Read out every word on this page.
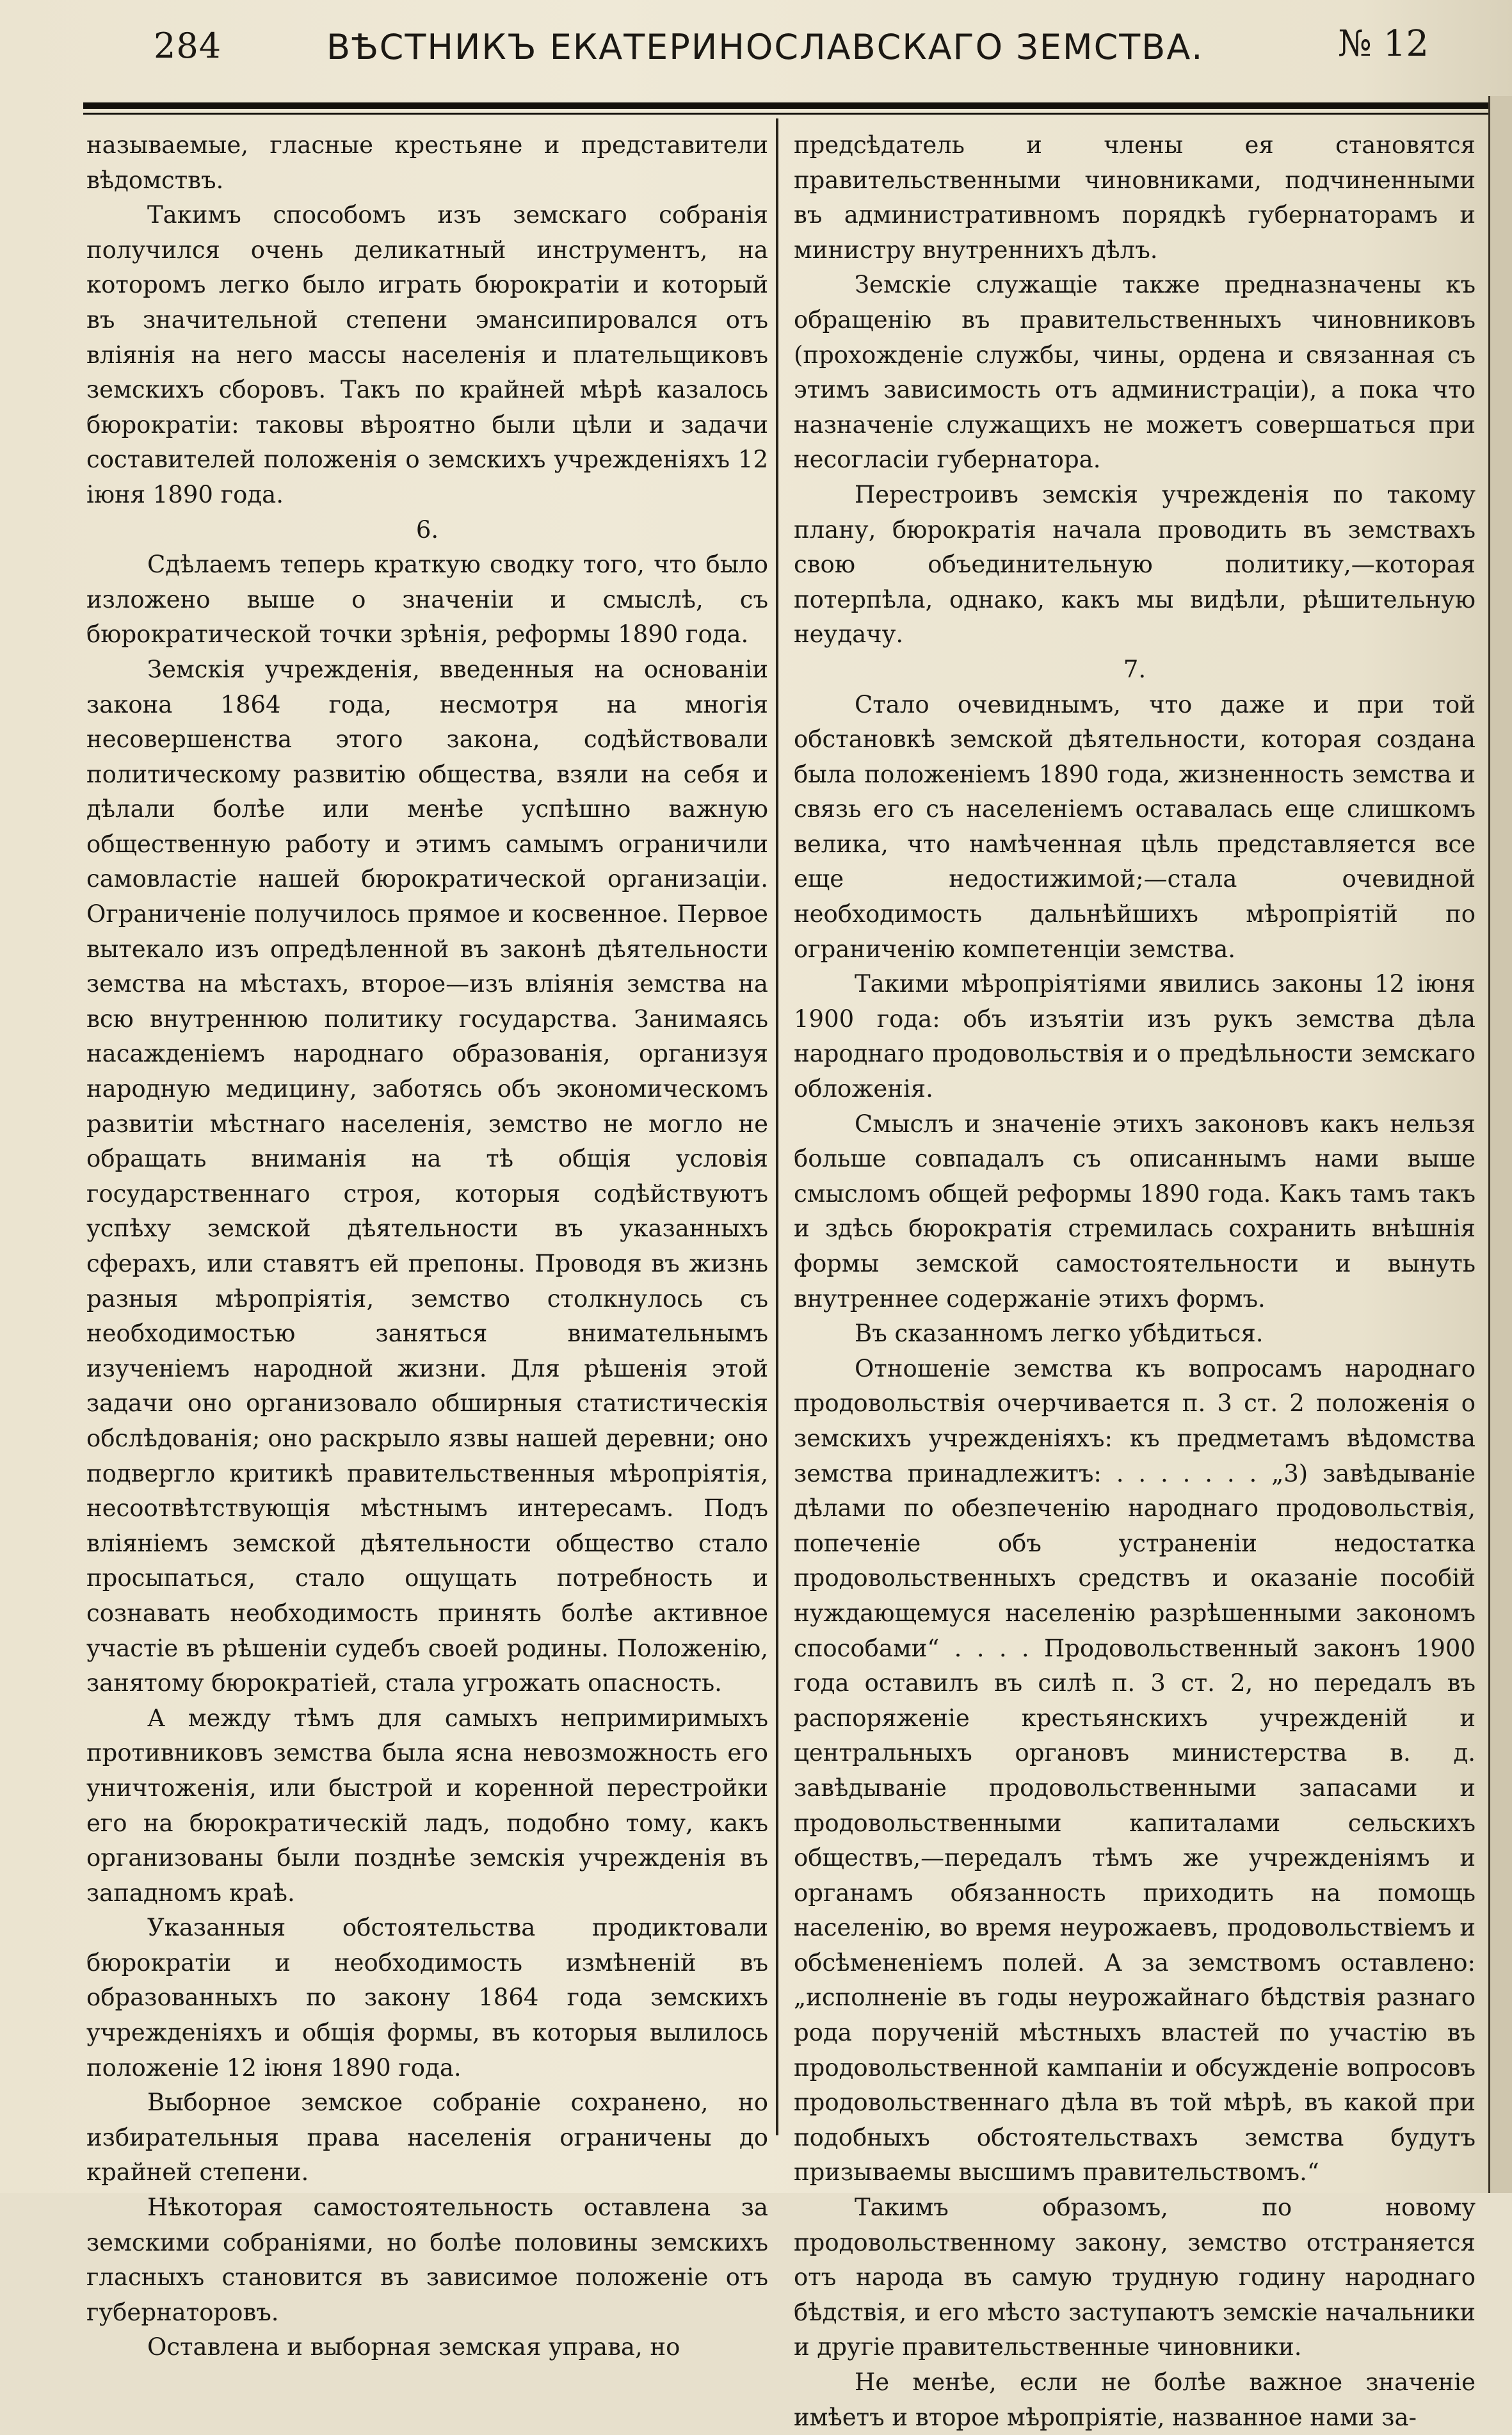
284	ВѢСТНИКЪ ЕКАТЕРИНОСЛАВСКАГО ЗЕМСТВА.	№ 12

называемые, гласные крестьяне и представители вѣдомствъ.

Такимъ способомъ изъ земскаго собранія получился очень деликатный инструментъ, на которомъ легко было играть бюрократіи и который въ значительной степени эмансипировался отъ вліянія на него массы населенія и плательщиковъ земскихъ сборовъ. Такъ по крайней мѣрѣ казалось бюрократіи: таковы вѣроятно были цѣли и задачи составителей положенія о земскихъ учрежденіяхъ 12 іюня 1890 года.

6.

Сдѣлаемъ теперь краткую сводку того, что было изложено выше о значеніи и смыслѣ, съ бюрократической точки зрѣнія, реформы 1890 года.

Земскія учрежденія, введенныя на основаніи закона 1864 года, несмотря на многія несовершенства этого закона, содѣйствовали политическому развитію общества, взяли на себя и дѣлали болѣе или менѣе успѣшно важную общественную работу и этимъ самымъ ограничили самовластіе нашей бюрократической организаціи. Ограниченіе получилось прямое и косвенное. Первое вытекало изъ опредѣленной въ законѣ дѣятельности земства на мѣстахъ, второе—изъ вліянія земства на всю внутреннюю политику государства. Занимаясь насажденіемъ народнаго образованія, организуя народную медицину, заботясь объ экономическомъ развитіи мѣстнаго населенія, земство не могло не обращать вниманія на тѣ общія условія государственнаго строя, которыя содѣйствуютъ успѣху земской дѣятельности въ указанныхъ сферахъ, или ставятъ ей препоны. Проводя въ жизнь разныя мѣропріятія, земство столкнулось съ необходимостью заняться внимательнымъ изученіемъ народной жизни. Для рѣшенія этой задачи оно организовало обширныя статистическія обслѣдованія; оно раскрыло язвы нашей деревни; оно подвергло критикѣ правительственныя мѣропріятія, несоотвѣтствующія мѣстнымъ интересамъ. Подъ вліяніемъ земской дѣятельности общество стало просыпаться, стало ощущать потребность и сознавать необходимость принять болѣе активное участіе въ рѣшеніи судебъ своей родины. Положенію, занятому бюрократіей, стала угрожать опасность.

А между тѣмъ для самыхъ непримиримыхъ противниковъ земства была ясна невозможность его уничтоженія, или быстрой и коренной перестройки его на бюрократическій ладъ, подобно тому, какъ организованы были позднѣе земскія учрежденія въ западномъ краѣ.

Указанныя обстоятельства продиктовали бюрократіи и необходимость измѣненій въ образованныхъ по закону 1864 года земскихъ учрежденіяхъ и общія формы, въ которыя вылилось положеніе 12 іюня 1890 года.

Выборное земское собраніе сохранено, но избирательныя права населенія ограничены до крайней степени.

Нѣкоторая самостоятельность оставлена за земскими собраніями, но болѣе половины земскихъ гласныхъ становится въ зависимое положеніе отъ губернаторовъ.

Оставлена и выборная земская управа, но

предсѣдатель и члены ея становятся правительственными чиновниками, подчиненными въ административномъ порядкѣ губернаторамъ и министру внутреннихъ дѣлъ.

Земскіе служащіе также предназначены къ обращенію въ правительственныхъ чиновниковъ (прохожденіе службы, чины, ордена и связанная съ этимъ зависимость отъ администраціи), а пока что назначеніе служащихъ не можетъ совершаться при несогласіи губернатора.

Перестроивъ земскія учрежденія по такому плану, бюрократія начала проводить въ земствахъ свою объединительную политику,—которая потерпѣла, однако, какъ мы видѣли, рѣшительную неудачу.

7.

Стало очевиднымъ, что даже и при той обстановкѣ земской дѣятельности, которая создана была положеніемъ 1890 года, жизненность земства и связь его съ населеніемъ оставалась еще слишкомъ велика, что намѣченная цѣль представляется все еще недостижимой;—стала очевидной необходимость дальнѣйшихъ мѣропріятій по ограниченію компетенціи земства.

Такими мѣропріятіями явились законы 12 іюня 1900 года: объ изъятіи изъ рукъ земства дѣла народнаго продовольствія и о предѣльности земскаго обложенія.

Смыслъ и значеніе этихъ законовъ какъ нельзя больше совпадалъ съ описаннымъ нами выше смысломъ общей реформы 1890 года. Какъ тамъ такъ и здѣсь бюрократія стремилась сохранить внѣшнія формы земской самостоятельности и вынуть внутреннее содержаніе этихъ формъ.

Въ сказанномъ легко убѣдиться.

Отношеніе земства къ вопросамъ народнаго продовольствія очерчивается п. 3 ст. 2 положенія о земскихъ учрежденіяхъ: къ предметамъ вѣдомства земства принадлежитъ: . . . . . . . „3) завѣдываніе дѣлами по обезпеченію народнаго продовольствія, попеченіе объ устраненіи недостатка продовольственныхъ средствъ и оказаніе пособій нуждающемуся населенію разрѣшенными закономъ способами“ . . . . Продовольственный законъ 1900 года оставилъ въ силѣ п. 3 ст. 2, но передалъ въ распоряженіе крестьянскихъ учрежденій и центральныхъ органовъ министерства в. д. завѣдываніе продовольственными запасами и продовольственными капиталами сельскихъ обществъ,—передалъ тѣмъ же учрежденіямъ и органамъ обязанность приходить на помощь населенію, во время неурожаевъ, продовольствіемъ и обсѣмененіемъ полей. А за земствомъ оставлено: „исполненіе въ годы неурожайнаго бѣдствія разнаго рода порученій мѣстныхъ властей по участію въ продовольственной кампаніи и обсужденіе вопросовъ продовольственнаго дѣла въ той мѣрѣ, въ какой при подобныхъ обстоятельствахъ земства будутъ призываемы высшимъ правительствомъ.“

Такимъ образомъ, по новому продовольственному закону, земство отстраняется отъ народа въ самую трудную годину народнаго бѣдствія, и его мѣсто заступаютъ земскіе начальники и другіе правительственные чиновники.

Не менѣе, если не болѣе важное значеніе имѣетъ и второе мѣропріятіе, названное нами за-
